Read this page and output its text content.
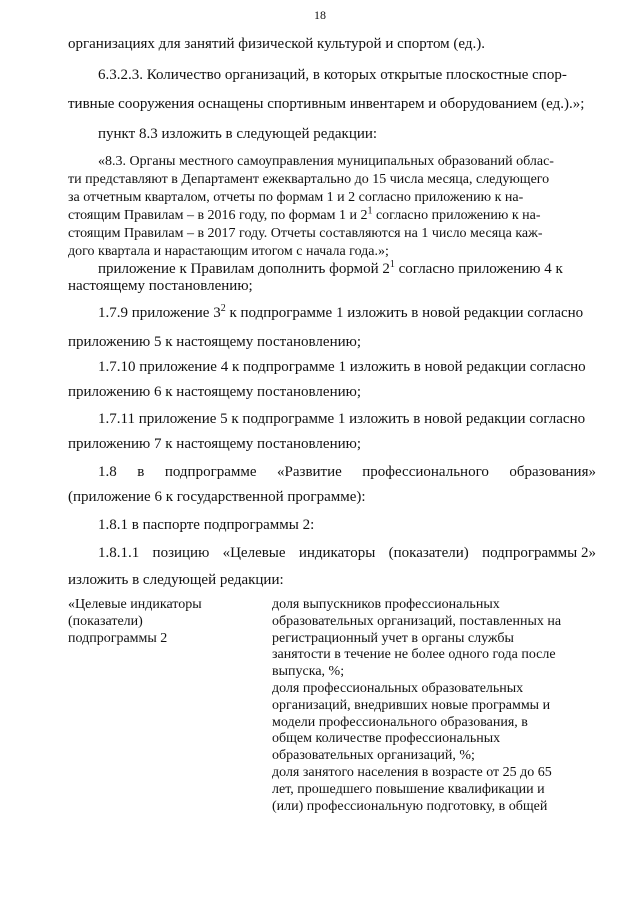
18
организациях для занятий физической культурой и спортом (ед.).
6.3.2.3. Количество организаций, в которых открытые плоскостные спор-
тивные сооружения оснащены спортивным инвентарем и оборудованием (ед.).»;
пункт 8.3 изложить в следующей редакции:
«8.3. Органы местного самоуправления муниципальных образований облас-
ти представляют в Департамент ежеквартально до 15 числа месяца, следующего
за отчетным кварталом, отчеты по формам 1 и 2 согласно приложению к на-
стоящим Правилам – в 2016 году, по формам 1 и $2^1$ согласно приложению к на-
стоящим Правилам – в 2017 году. Отчеты составляются на 1 число месяца каж-
дого квартала и нарастающим итогом с начала года.»;
приложение к Правилам дополнить формой $2^1$ согласно приложению 4 к
настоящему постановлению;
1.7.9 приложение $3^2$ к подпрограмме 1 изложить в новой редакции согласно
приложению 5 к настоящему постановлению;
1.7.10 приложение 4 к подпрограмме 1 изложить в новой редакции согласно
приложению 6 к настоящему постановлению;
1.7.11 приложение 5 к подпрограмме 1 изложить в новой редакции согласно
приложению 7 к настоящему постановлению;
1.8 в подпрограмме «Развитие профессионального образования»
(приложение 6 к государственной программе):
1.8.1 в паспорте подпрограммы 2:
1.8.1.1 позицию «Целевые индикаторы (показатели) подпрограммы 2»
изложить в следующей редакции:
«Целевые индикаторы
(показатели)
подпрограммы 2
доля выпускников профессиональных
образовательных организаций, поставленных на
регистрационный учет в органы службы
занятости в течение не более одного года после
выпуска, %;
доля профессиональных образовательных
организаций, внедривших новые программы и
модели профессионального образования, в
общем количестве профессиональных
образовательных организаций, %;
доля занятого населения в возрасте от 25 до 65
лет, прошедшего повышение квалификации и
(или) профессиональную подготовку, в общей
